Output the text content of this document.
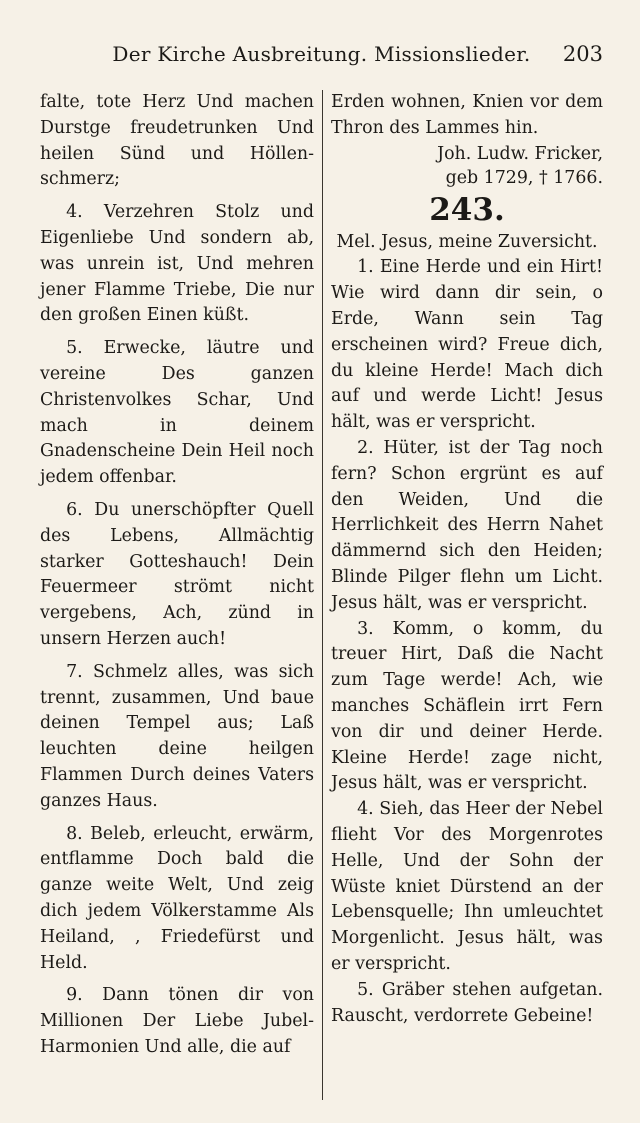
Der Kirche Ausbreitung. Missionslieder.	203

falte, tote Herz Und machen Durstge freudetrunken Und heilen Sünd und Höllen-schmerz;

4. Verzehren Stolz und Eigenliebe Und sondern ab, was unrein ist, Und mehren jener Flamme Triebe, Die nur den großen Einen küßt.

5. Erwecke, läutre und vereine Des ganzen Christenvolkes Schar, Und mach in deinem Gnadenscheine Dein Heil noch jedem offenbar.

6. Du unerschöpfter Quell des Lebens, Allmächtig starker Gotteshauch! Dein Feuermeer strömt nicht vergebens, Ach, zünd in unsern Herzen auch!

7. Schmelz alles, was sich trennt, zusammen, Und baue deinen Tempel aus; Laß leuchten deine heilgen Flammen Durch deines Vaters ganzes Haus.

8. Beleb, erleucht, erwärm, entflamme Doch bald die ganze weite Welt, Und zeig dich jedem Völkerstamme Als Heiland, , Friedefürst und Held.

9. Dann tönen dir von Millionen Der Liebe Jubel-Harmonien Und alle, die auf

Erden wohnen, Knien vor dem Thron des Lammes hin.

Joh. Ludw. Fricker,
geb 1729, † 1766.

243.

Mel. Jesus, meine Zuversicht.

1. Eine Herde und ein Hirt! Wie wird dann dir sein, o Erde, Wann sein Tag erscheinen wird? Freue dich, du kleine Herde! Mach dich auf und werde Licht! Jesus hält, was er verspricht.

2. Hüter, ist der Tag noch fern? Schon ergrünt es auf den Weiden, Und die Herrlichkeit des Herrn Nahet dämmernd sich den Heiden; Blinde Pilger flehn um Licht. Jesus hält, was er verspricht.

3. Komm, o komm, du treuer Hirt, Daß die Nacht zum Tage werde! Ach, wie manches Schäflein irrt Fern von dir und deiner Herde. Kleine Herde! zage nicht, Jesus hält, was er verspricht.

4. Sieh, das Heer der Nebel flieht Vor des Morgenrotes Helle, Und der Sohn der Wüste kniet Dürstend an der Lebensquelle; Ihn umleuchtet Morgenlicht. Jesus hält, was er verspricht.

5. Gräber stehen aufgetan. Rauscht, verdorrete Gebeine!
